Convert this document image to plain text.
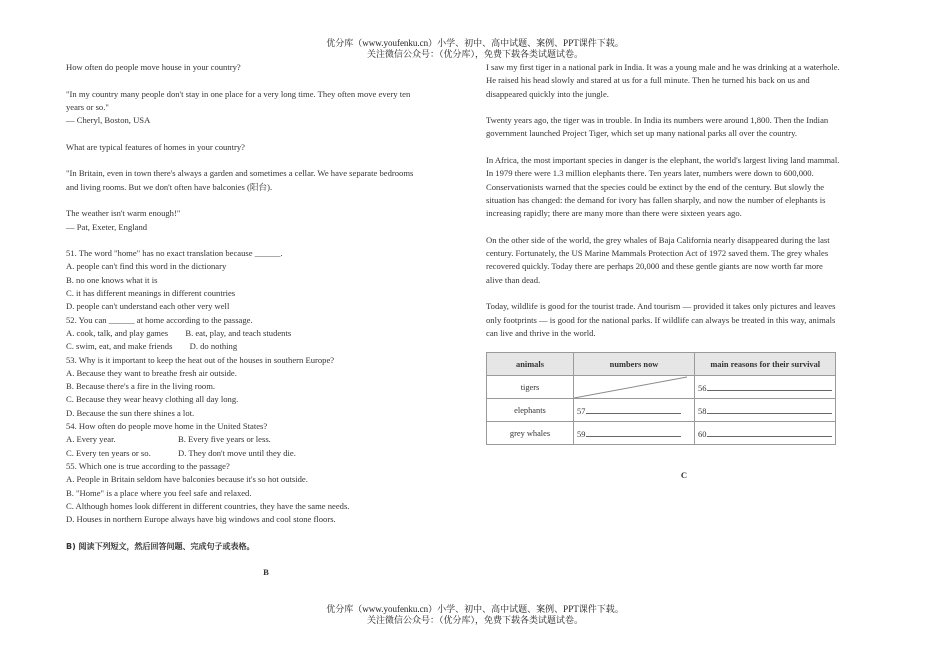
优分库（www.youfenku.cn）小学、初中、高中试题、案例、PPT课件下载。
关注微信公众号：（优分库），免费下载各类试题试卷。

How often do people move house in your country?

"In my country many people don't stay in one place for a very long time. They often move every ten

years or so."

— Cheryl, Boston, USA

What are typical features of homes in your country?

"In Britain, even in town there's always a garden and sometimes a cellar. We have separate bedrooms

and living rooms. But we don't often have balconies (阳台).

The weather isn't warm enough!"

— Pat, Exeter, England

51. The word "home" has no exact translation because ______.

A. people can't find this word in the dictionary

B. no one knows what it is

C. it has different meanings in different countries

D. people can't understand each other very well

52. You can ______ at home according to the passage.

A. cook, talk, and play games        B. eat, play, and teach students

C. swim, eat, and make friends        D. do nothing

53. Why is it important to keep the heat out of the houses in southern Europe?

A. Because they want to breathe fresh air outside.

B. Because there's a fire in the living room.

C. Because they wear heavy clothing all day long.

D. Because the sun there shines a lot.

54. How often do people move home in the United States?

A. Every year.	B. Every five years or less.

C. Every ten years or so.	D. They don't move until they die.

55. Which one is true according to the passage?

A. People in Britain seldom have balconies because it's so hot outside.

B. "Home" is a place where you feel safe and relaxed.

C. Although homes look different in different countries, they have the same needs.

D. Houses in northern Europe always have big windows and cool stone floors.

B) 阅读下列短文，然后回答问题、完成句子或表格。

B

I saw my first tiger in a national park in India. It was a young male and he was drinking at a waterhole.

He raised his head slowly and stared at us for a full minute. Then he turned his back on us and

disappeared quickly into the jungle.

Twenty years ago, the tiger was in trouble. In India its numbers were around 1,800. Then the Indian

government launched Project Tiger, which set up many national parks all over the country.

In Africa, the most important species in danger is the elephant, the world's largest living land mammal.

In 1979 there were 1.3 million elephants there. Ten years later, numbers were down to 600,000.

Conservationists warned that the species could be extinct by the end of the century. But slowly the

situation has changed: the demand for ivory has fallen sharply, and now the number of elephants is

increasing rapidly; there are many more than there were sixteen years ago.

On the other side of the world, the grey whales of Baja California nearly disappeared during the last

century. Fortunately, the US Marine Mammals Protection Act of 1972 saved them. The grey whales

recovered quickly. Today there are perhaps 20,000 and these gentle giants are now worth far more

alive than dead.

Today, wildlife is good for the tourist trade. And tourism — provided it takes only pictures and leaves

only footprints — is good for the national parks. If wildlife can always be treated in this way, animals

can live and thrive in the world.

animals	numbers now	main reasons for their survival
tigers		56.
elephants	57.	58.
grey whales	59.	60.
C
优分库（www.youfenku.cn）小学、初中、高中试题、案例、PPT课件下载。
关注微信公众号：（优分库），免费下载各类试题试卷。
